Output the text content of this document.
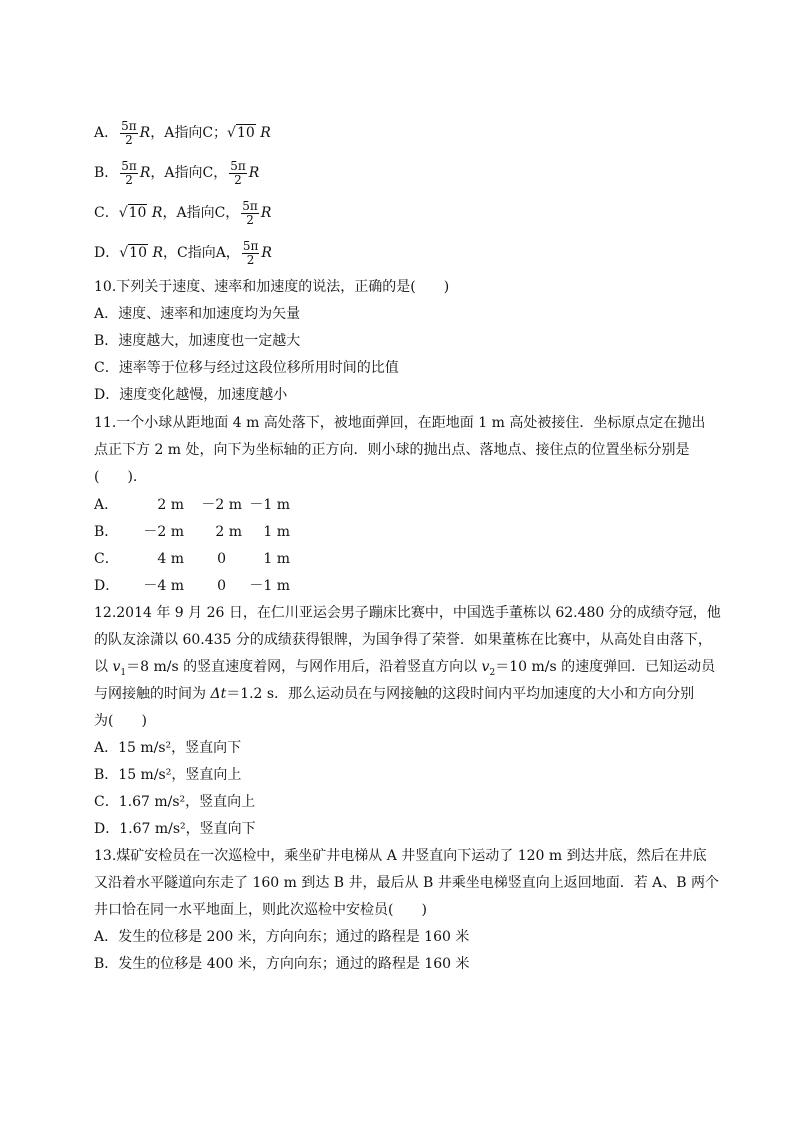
A． $\frac{5\pi}{2}$ R，A指向C；√10 R
B． $\frac{5\pi}{2}$ R，A指向C， $\frac{5\pi}{2}$ R
C．√10 R，A指向C， $\frac{5\pi}{2}$ R
D．√10 R，C指向A， $\frac{5\pi}{2}$ R
10.下列关于速度、速率和加速度的说法，正确的是(　　)
A．速度、速率和加速度均为矢量
B．速度越大，加速度也一定越大
C．速率等于位移与经过这段位移所用时间的比值
D．速度变化越慢，加速度越小
11.一个小球从距地面 4 m 高处落下，被地面弹回，在距地面 1 m 高处被接住．坐标原点定在抛出
点正下方 2 m 处，向下为坐标轴的正方向．则小球的抛出点、落地点、接住点的位置坐标分别是
(　　).
A．	2 m －2 m －1 m
B． －2 m 2 m 1 m
C．	4 m 0	1 m
D． －4 m 0 －1 m
12.2014 年 9 月 26 日，在仁川亚运会男子蹦床比赛中，中国选手董栋以 62.480 分的成绩夺冠，他
的队友涂潇以 60.435 分的成绩获得银牌，为国争得了荣誉．如果董栋在比赛中，从高处自由落下，
以 $v_1=8$ m/s 的竖直速度着网，与网作用后，沿着竖直方向以 $v_2=10$ m/s 的速度弹回．已知运动员
与网接触的时间为 Δt＝1.2 s．那么运动员在与网接触的这段时间内平均加速度的大小和方向分别
为(　　)
A．15 m/s²，竖直向下
B．15 m/s²，竖直向上
C．1.67 m/s²，竖直向上
D．1.67 m/s²，竖直向下
13.煤矿安检员在一次巡检中，乘坐矿井电梯从 A 井竖直向下运动了 120 m 到达井底，然后在井底
又沿着水平隧道向东走了 160 m 到达 B 井，最后从 B 井乘坐电梯竖直向上返回地面．若 A、B 两个
井口恰在同一水平地面上，则此次巡检中安检员(　　)
A．发生的位移是 200 米，方向向东；通过的路程是 160 米
B．发生的位移是 400 米，方向向东；通过的路程是 160 米
